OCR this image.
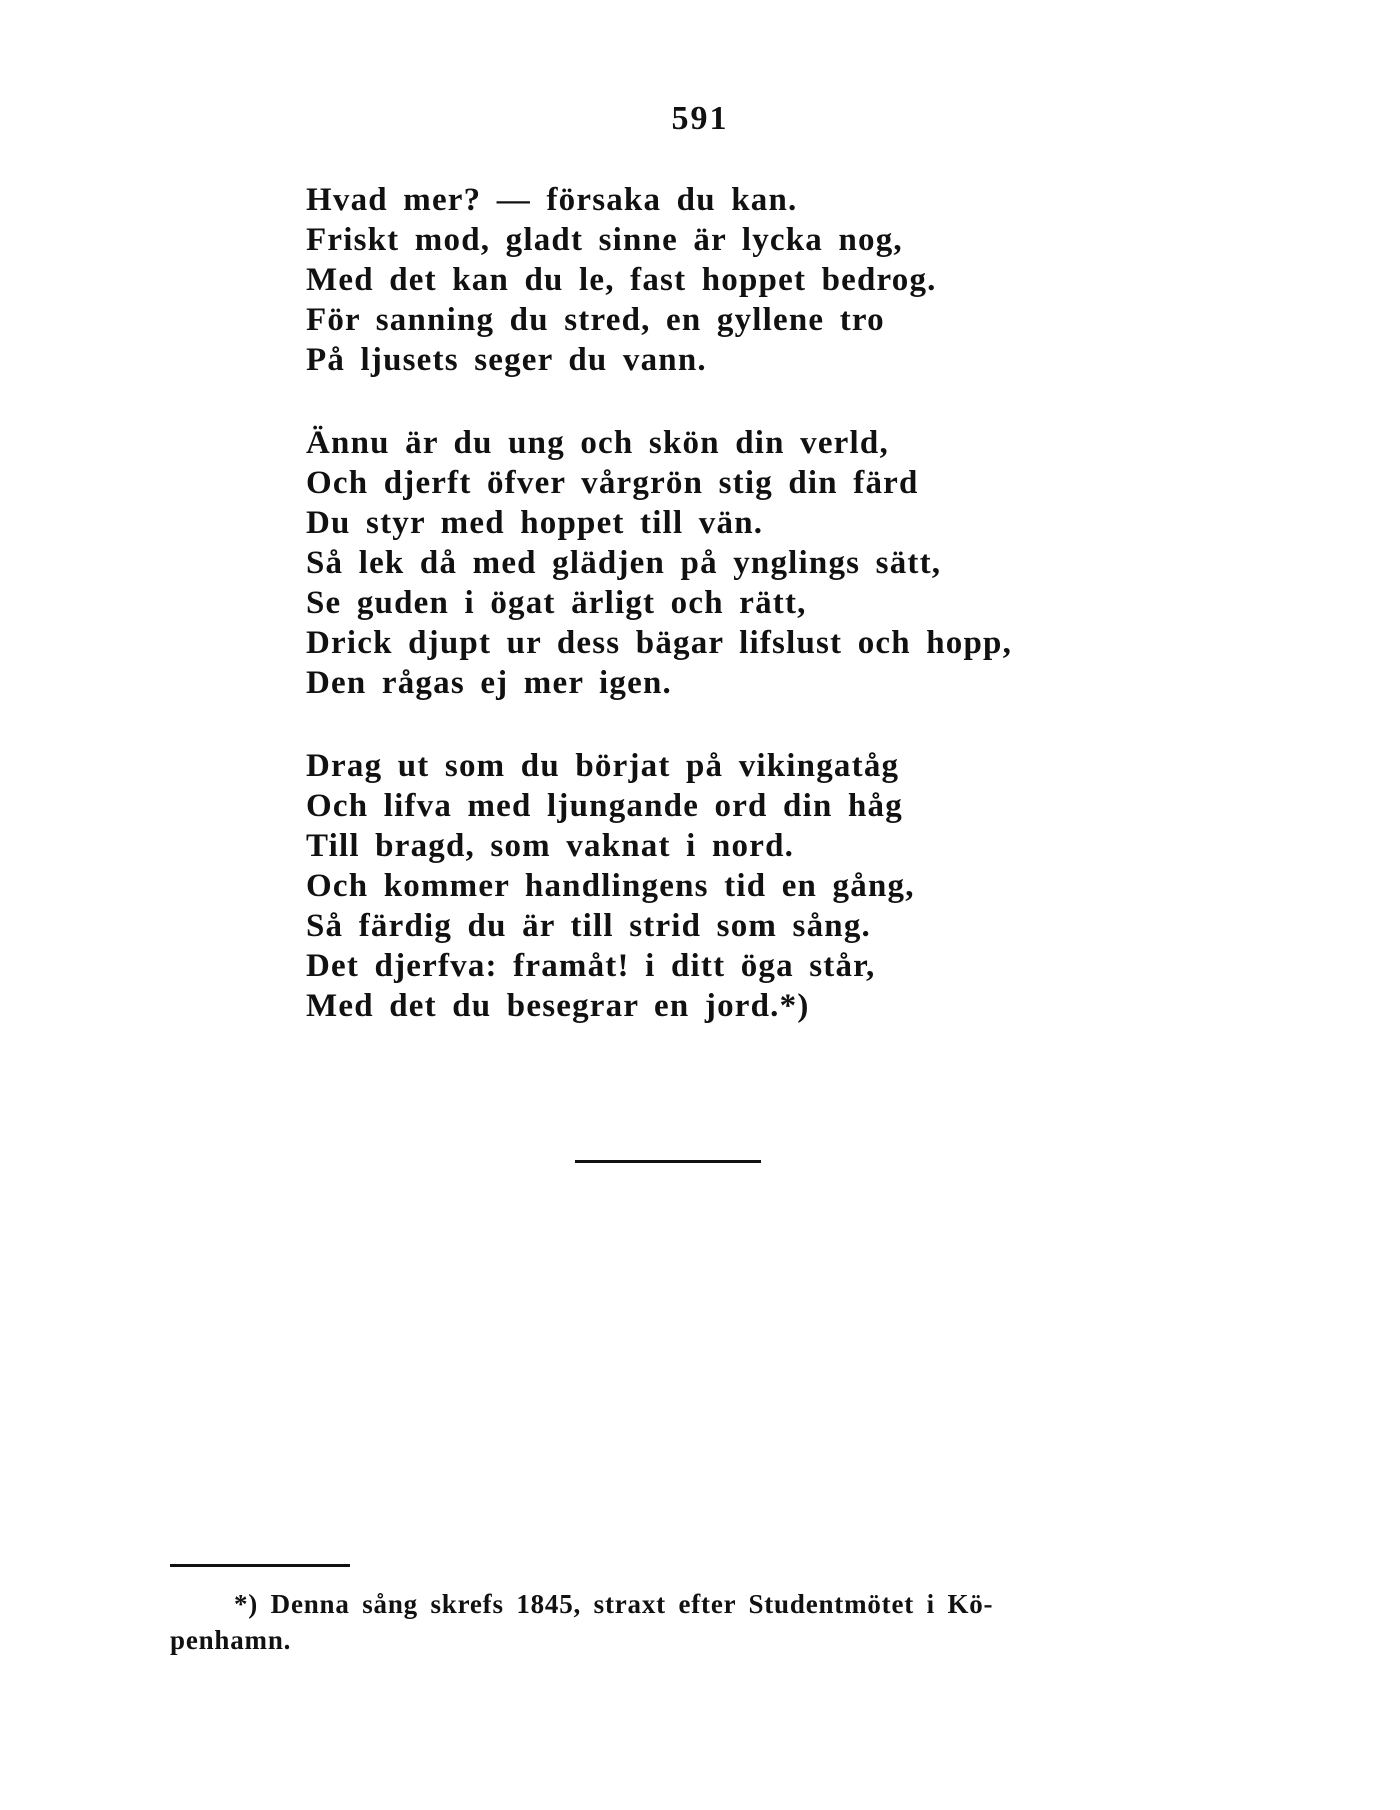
591
Hvad mer? — försaka du kan.
Friskt mod, gladt sinne är lycka nog,
Med det kan du le, fast hoppet bedrog.
För sanning du stred, en gyllene tro
På ljusets seger du vann.
Ännu är du ung och skön din verld,
Och djerft öfver vårgrön stig din färd
Du styr med hoppet till vän.
Så lek då med glädjen på ynglings sätt,
Se guden i ögat ärligt och rätt,
Drick djupt ur dess bägar lifslust och hopp,
Den rågas ej mer igen.
Drag ut som du börjat på vikingatåg
Och lifva med ljungande ord din håg
Till bragd, som vaknat i nord.
Och kommer handlingens tid en gång,
Så färdig du är till strid som sång.
Det djerfva: framåt! i ditt öga står,
Med det du besegrar en jord.*)
*) Denna sång skrefs 1845, straxt efter Studentmötet i Kö-
penhamn.
